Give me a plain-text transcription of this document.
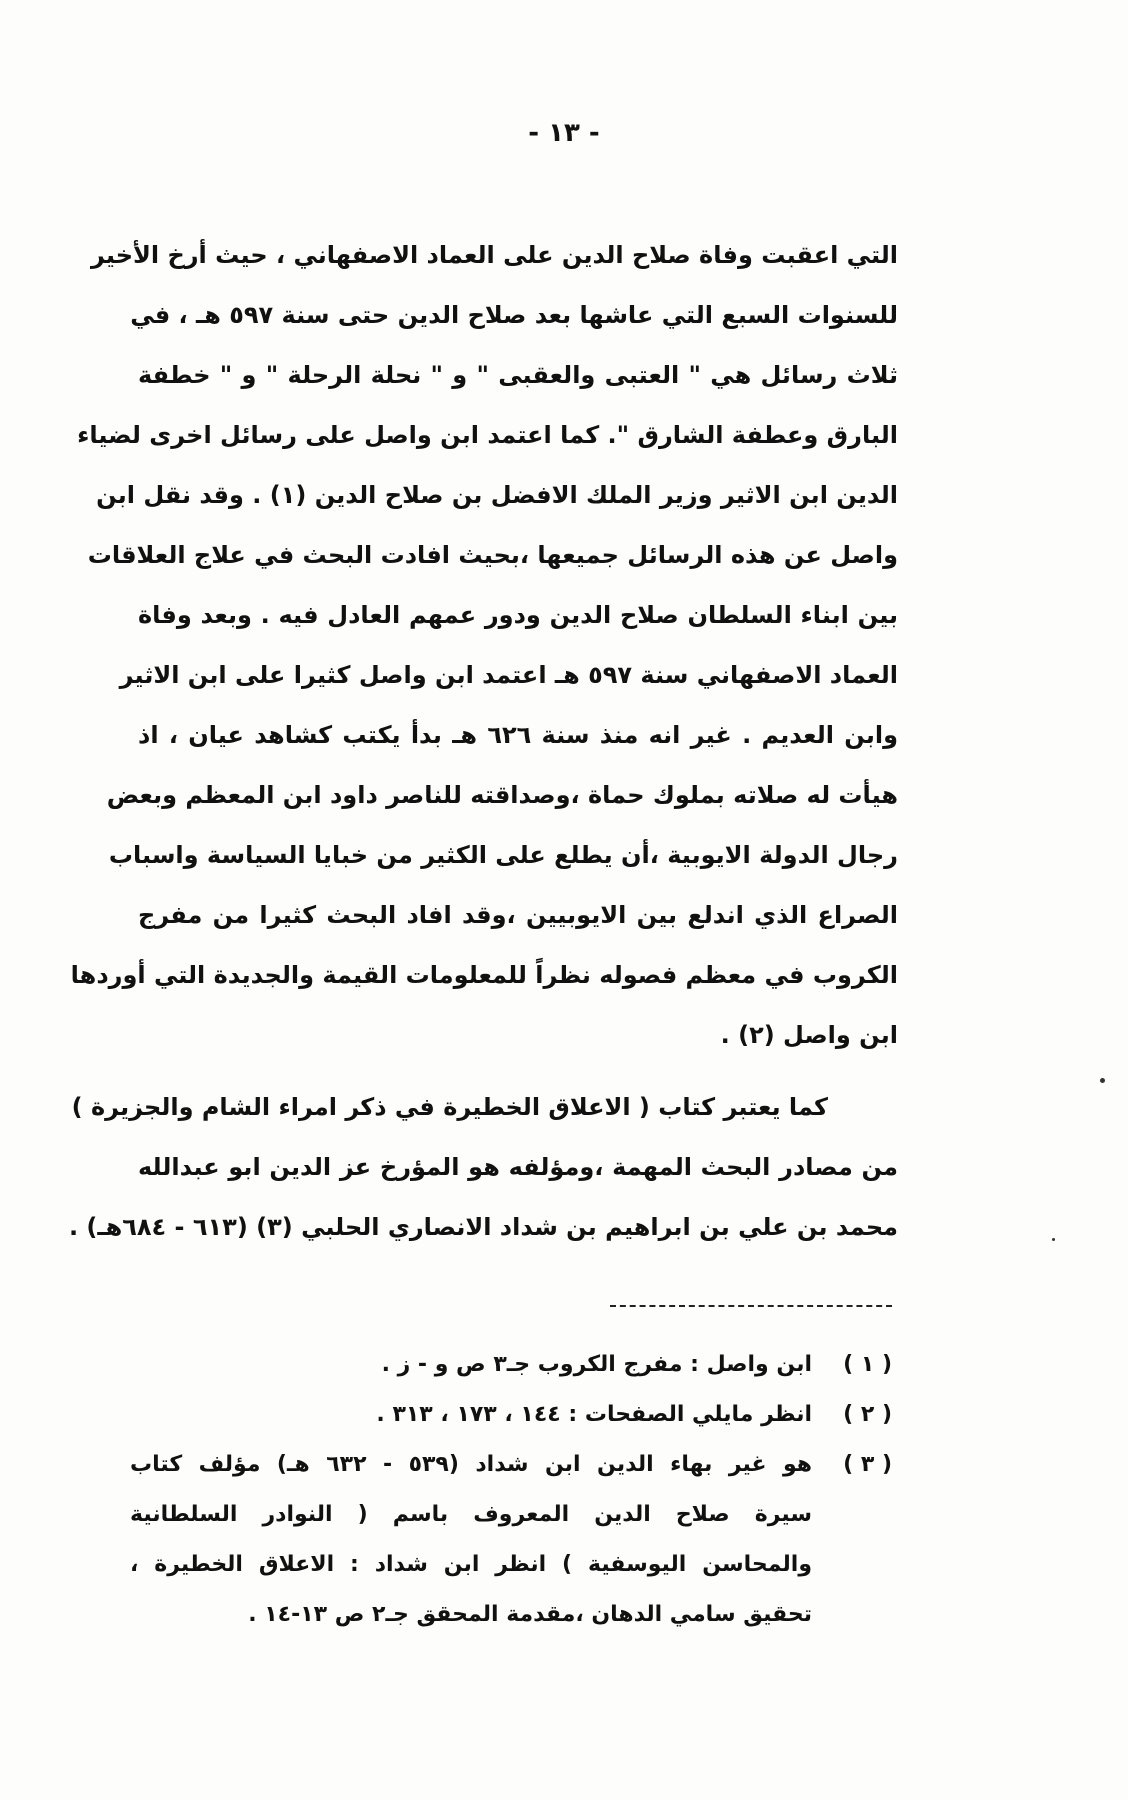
- ١٣ -
التي اعقبت وفاة صلاح الدين على العماد الاصفهاني ، حيث أرخ الأخير
للسنوات السبع التي عاشها بعد صلاح الدين حتى سنة ٥٩٧ هـ ، في
ثلاث رسائل هي " العتبى والعقبى " و " نحلة الرحلة " و " خطفة
البارق وعطفة الشارق ". كما اعتمد ابن واصل على رسائل اخرى لضياء
الدين ابن الاثير وزير الملك الافضل بن صلاح الدين (١) . وقد نقل ابن
واصل عن هذه الرسائل جميعها ،بحيث افادت البحث في علاج العلاقات
بين ابناء السلطان صلاح الدين ودور عمهم العادل فيه . وبعد وفاة
العماد الاصفهاني سنة ٥٩٧ هـ اعتمد ابن واصل كثيرا على ابن الاثير
وابن العديم . غير انه منذ سنة ٦٢٦ هـ بدأ يكتب كشاهد عيان ، اذ
هيأت له صلاته بملوك حماة ،وصداقته للناصر داود ابن المعظم وبعض
رجال الدولة الايوبية ،أن يطلع على الكثير من خبايا السياسة واسباب
الصراع الذي اندلع بين الايوبيين ،وقد افاد البحث كثيرا من مفرج
الكروب في معظم فصوله نظراً للمعلومات القيمة والجديدة التي أوردها
ابن واصل (٢) .
كما يعتبر كتاب ( الاعلاق الخطيرة في ذكر امراء الشام والجزيرة )
من مصادر البحث المهمة ،ومؤلفه هو المؤرخ عز الدين ابو عبدالله
محمد بن علي بن ابراهيم بن شداد الانصاري الحلبي (٣) (٦١٣ - ٦٨٤هـ) .
( ١ )
ابن واصل : مفرج الكروب جـ٣ ص و - ز .
( ٢ )
انظر مايلي الصفحات : ١٤٤ ، ١٧٣ ، ٣١٣ .
( ٣ )
هو غير بهاء الدين ابن شداد (٥٣٩ - ٦٣٢ هـ) مؤلف كتاب
سيرة صلاح الدين المعروف باسم ( النوادر السلطانية
والمحاسن اليوسفية ) انظر ابن شداد : الاعلاق الخطيرة ،
تحقيق سامي الدهان ،مقدمة المحقق جـ٢ ص ١٣-١٤ .
